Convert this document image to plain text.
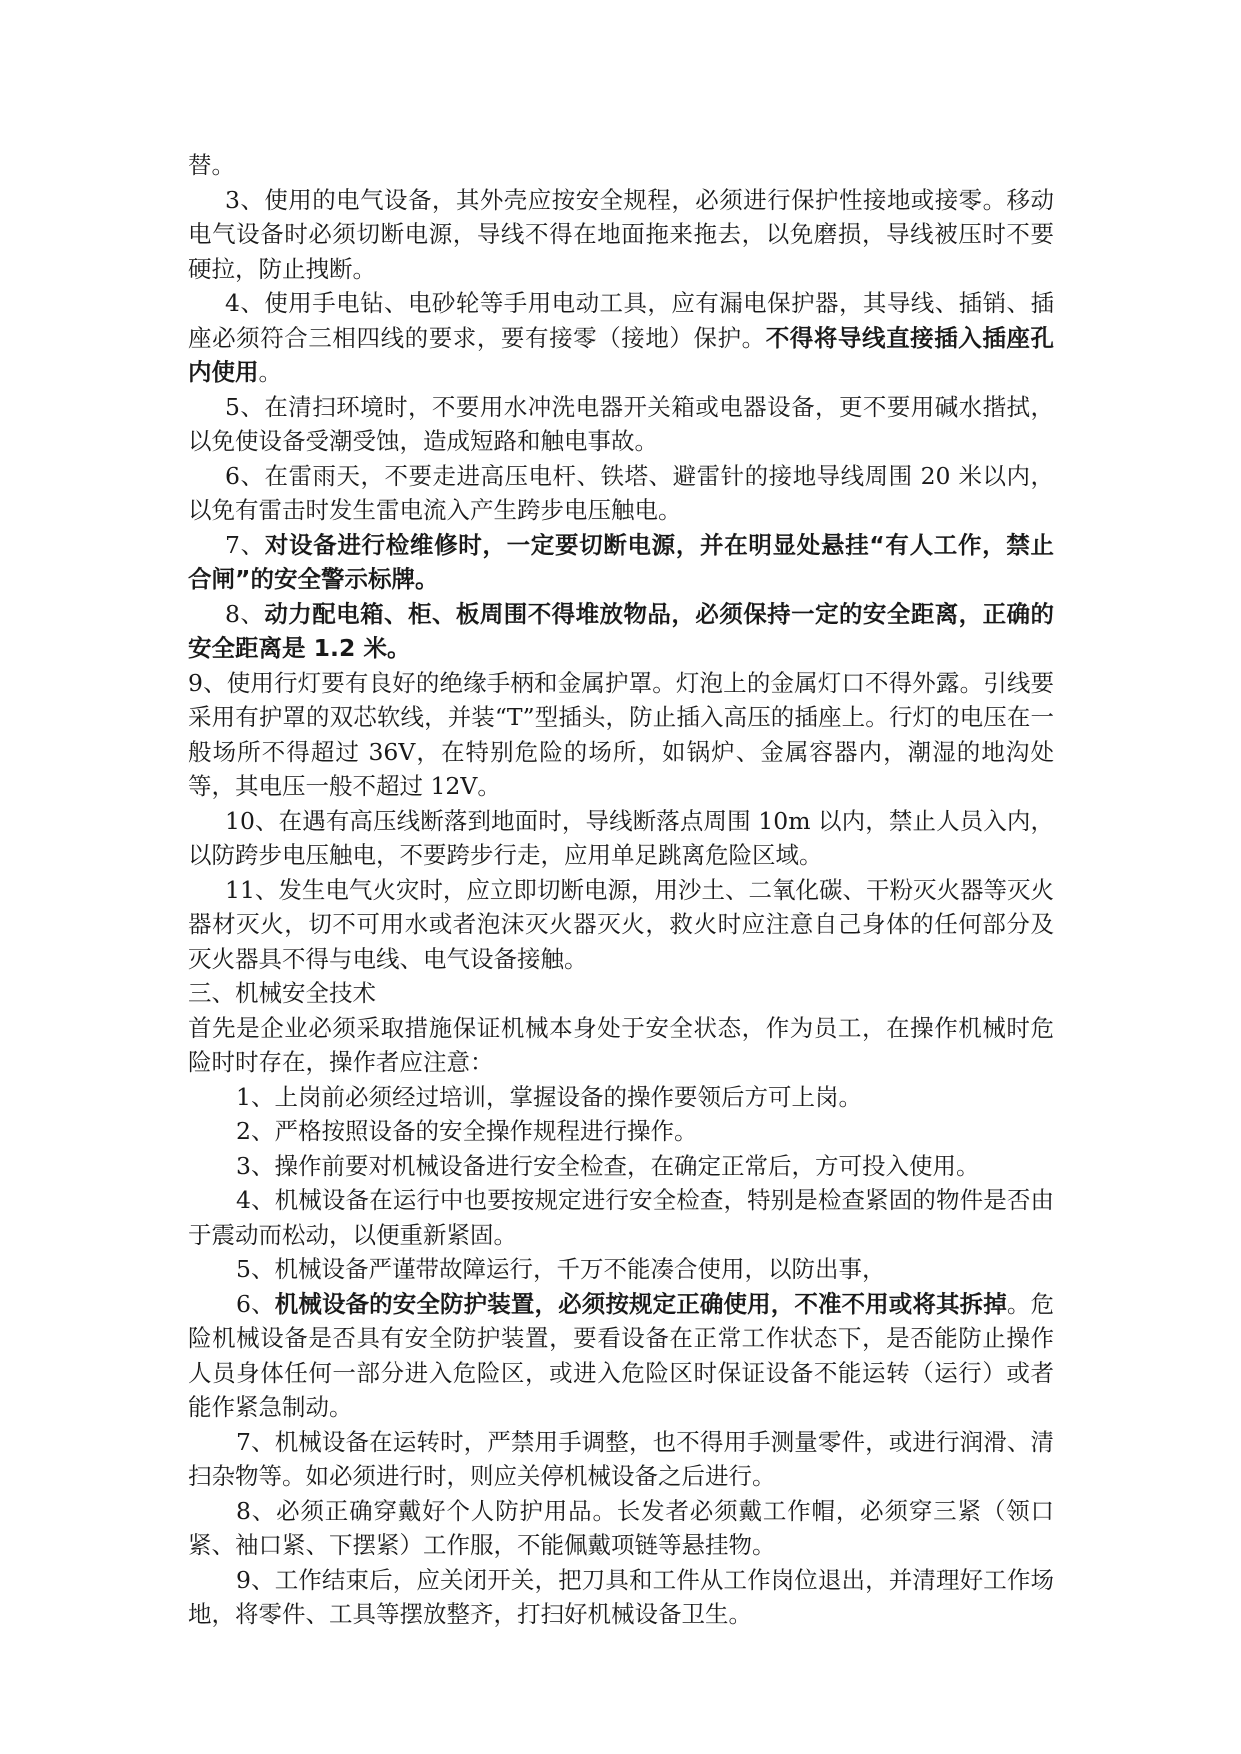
替。

3、使用的电气设备，其外壳应按安全规程，必须进行保护性接地或接零。移动电气设备时必须切断电源，导线不得在地面拖来拖去，以免磨损，导线被压时不要硬拉，防止拽断。

4、使用手电钻、电砂轮等手用电动工具，应有漏电保护器，其导线、插销、插座必须符合三相四线的要求，要有接零（接地）保护。不得将导线直接插入插座孔内使用。

5、在清扫环境时，不要用水冲洗电器开关箱或电器设备，更不要用碱水揩拭，以免使设备受潮受蚀，造成短路和触电事故。

6、在雷雨天，不要走进高压电杆、铁塔、避雷针的接地导线周围 20 米以内，以免有雷击时发生雷电流入产生跨步电压触电。

7、对设备进行检维修时，一定要切断电源，并在明显处悬挂“有人工作，禁止合闸”的安全警示标牌。

8、动力配电箱、柜、板周围不得堆放物品，必须保持一定的安全距离，正确的安全距离是 1.2 米。

9、使用行灯要有良好的绝缘手柄和金属护罩。灯泡上的金属灯口不得外露。引线要采用有护罩的双芯软线，并装“T”型插头，防止插入高压的插座上。行灯的电压在一般场所不得超过 36V，在特别危险的场所，如锅炉、金属容器内，潮湿的地沟处等，其电压一般不超过 12V。

10、在遇有高压线断落到地面时，导线断落点周围 10m 以内，禁止人员入内，以防跨步电压触电，不要跨步行走，应用单足跳离危险区域。

11、发生电气火灾时，应立即切断电源，用沙土、二氧化碳、干粉灭火器等灭火器材灭火，切不可用水或者泡沫灭火器灭火，救火时应注意自己身体的任何部分及灭火器具不得与电线、电气设备接触。

三、机械安全技术

首先是企业必须采取措施保证机械本身处于安全状态，作为员工，在操作机械时危险时时存在，操作者应注意：

1、上岗前必须经过培训，掌握设备的操作要领后方可上岗。

2、严格按照设备的安全操作规程进行操作。

3、操作前要对机械设备进行安全检查，在确定正常后，方可投入使用。

4、机械设备在运行中也要按规定进行安全检查，特别是检查紧固的物件是否由于震动而松动，以便重新紧固。

5、机械设备严谨带故障运行，千万不能凑合使用，以防出事，

6、机械设备的安全防护装置，必须按规定正确使用，不准不用或将其拆掉。危险机械设备是否具有安全防护装置，要看设备在正常工作状态下，是否能防止操作人员身体任何一部分进入危险区，或进入危险区时保证设备不能运转（运行）或者能作紧急制动。

7、机械设备在运转时，严禁用手调整，也不得用手测量零件，或进行润滑、清扫杂物等。如必须进行时，则应关停机械设备之后进行。

8、必须正确穿戴好个人防护用品。长发者必须戴工作帽，必须穿三紧（领口紧、袖口紧、下摆紧）工作服，不能佩戴项链等悬挂物。

9、工作结束后，应关闭开关，把刀具和工件从工作岗位退出，并清理好工作场地，将零件、工具等摆放整齐，打扫好机械设备卫生。
